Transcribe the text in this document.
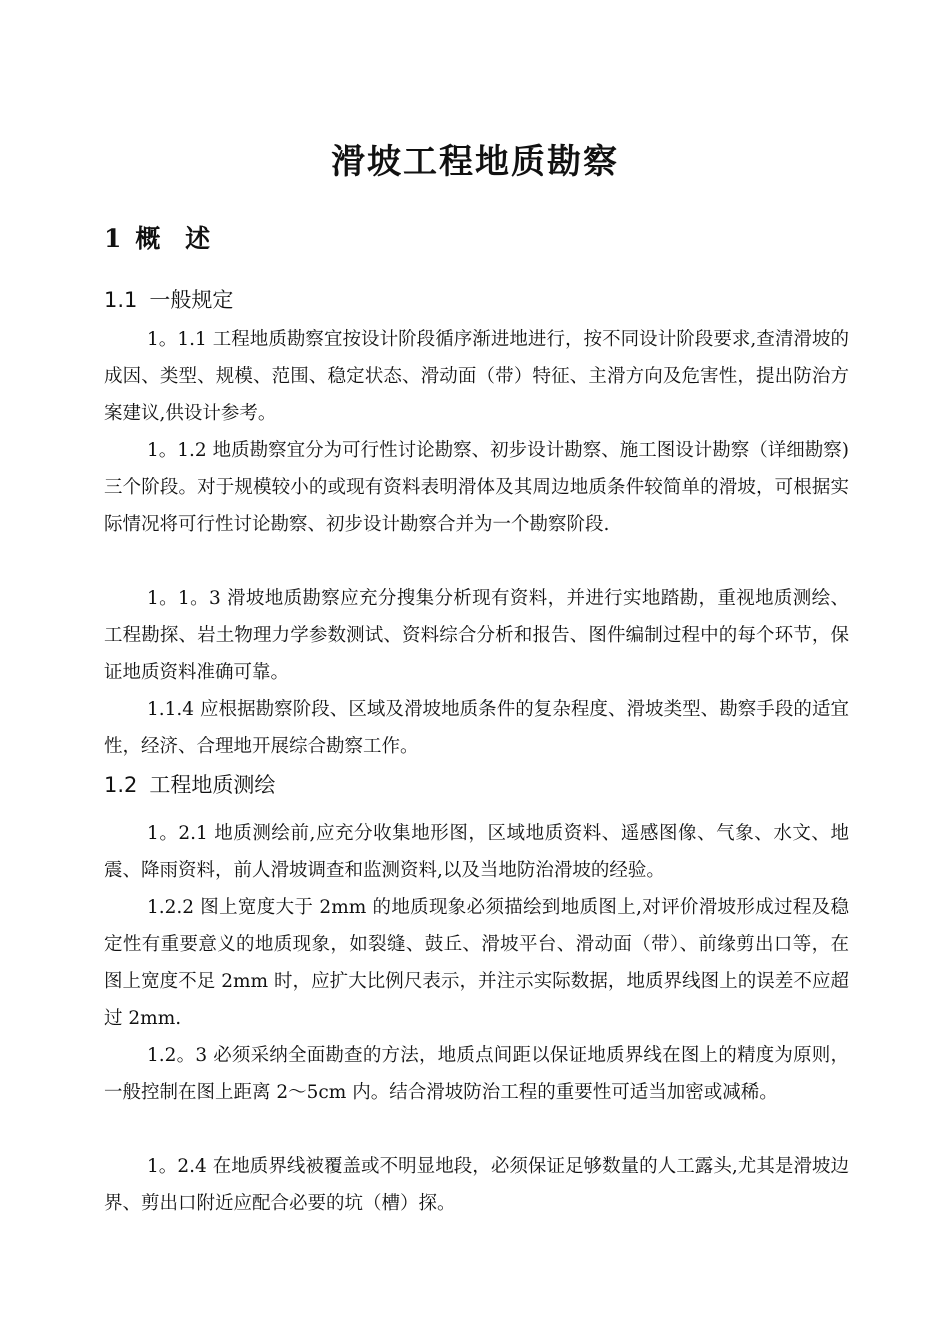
滑坡工程地质勘察
1 概 述
1.1 一般规定

1。1.1 工程地质勘察宜按设计阶段循序渐进地进行，按不同设计阶段要求,查清滑坡的成因、类型、规模、范围、稳定状态、滑动面（带）特征、主滑方向及危害性，提出防治方案建议,供设计参考。

1。1.2 地质勘察宜分为可行性讨论勘察、初步设计勘察、施工图设计勘察（详细勘察)三个阶段。对于规模较小的或现有资料表明滑体及其周边地质条件较简单的滑坡，可根据实际情况将可行性讨论勘察、初步设计勘察合并为一个勘察阶段.

1。1。3 滑坡地质勘察应充分搜集分析现有资料，并进行实地踏勘，重视地质测绘、工程勘探、岩土物理力学参数测试、资料综合分析和报告、图件编制过程中的每个环节，保证地质资料准确可靠。

1.1.4 应根据勘察阶段、区域及滑坡地质条件的复杂程度、滑坡类型、勘察手段的适宜性，经济、合理地开展综合勘察工作。

1.2 工程地质测绘

1。2.1 地质测绘前,应充分收集地形图，区域地质资料、遥感图像、气象、水文、地震、降雨资料，前人滑坡调查和监测资料,以及当地防治滑坡的经验。

1.2.2 图上宽度大于 2mm 的地质现象必须描绘到地质图上,对评价滑坡形成过程及稳定性有重要意义的地质现象，如裂缝、鼓丘、滑坡平台、滑动面（带）、前缘剪出口等，在图上宽度不足 2mm 时，应扩大比例尺表示，并注示实际数据，地质界线图上的误差不应超过 2mm.

1.2。3 必须采纳全面勘查的方法，地质点间距以保证地质界线在图上的精度为原则，一般控制在图上距离 2～5cm 内。结合滑坡防治工程的重要性可适当加密或减稀。

1。2.4 在地质界线被覆盖或不明显地段，必须保证足够数量的人工露头,尤其是滑坡边界、剪出口附近应配合必要的坑（槽）探。
